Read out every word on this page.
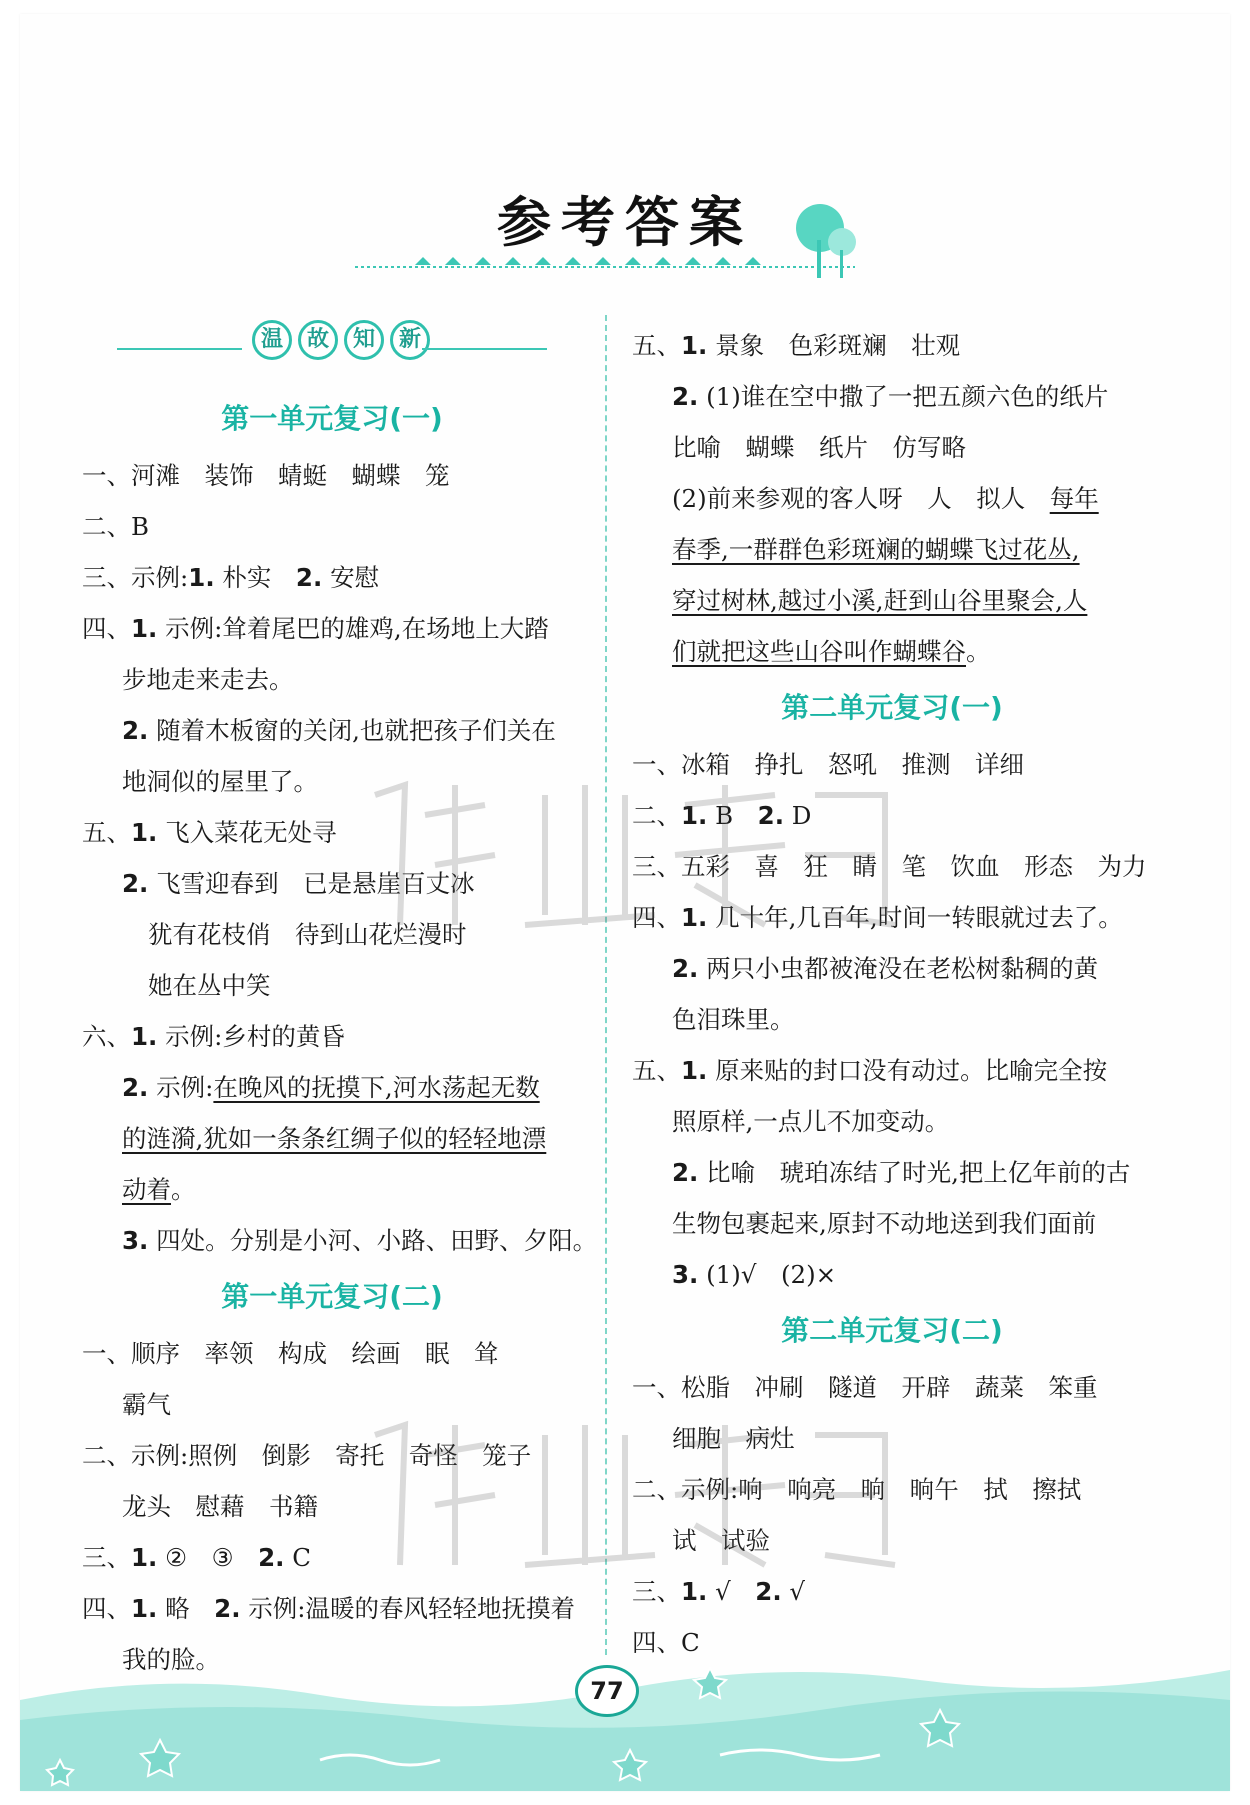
参考答案
温	故	知	新
第一单元复习(一)
一、河滩　装饰　蜻蜓　蝴蝶　笼
二、B
三、示例:1. 朴实　2. 安慰
四、1. 示例:耸着尾巴的雄鸡,在场地上大踏
步地走来走去。
2. 随着木板窗的关闭,也就把孩子们关在
地洞似的屋里了。
五、1. 飞入菜花无处寻
2. 飞雪迎春到　已是悬崖百丈冰
犹有花枝俏　待到山花烂漫时
她在丛中笑
六、1. 示例:乡村的黄昏
2. 示例:在晚风的抚摸下,河水荡起无数
的涟漪,犹如一条条红绸子似的轻轻地漂
动着。
3. 四处。分别是小河、小路、田野、夕阳。
第一单元复习(二)
一、顺序　率领　构成　绘画　眠　耸
霸气
二、示例:照例　倒影　寄托　奇怪　笼子
龙头　慰藉　书籍
三、1. ②　③　2. C
四、1. 略　2. 示例:温暖的春风轻轻地抚摸着
我的脸。
五、1. 景象　色彩斑斓　壮观
2. (1)谁在空中撒了一把五颜六色的纸片
比喻　蝴蝶　纸片　仿写略
(2)前来参观的客人呀　人　拟人　每年
春季,一群群色彩斑斓的蝴蝶飞过花丛,
穿过树林,越过小溪,赶到山谷里聚会,人
们就把这些山谷叫作蝴蝶谷。
第二单元复习(一)
一、冰箱　挣扎　怒吼　推测　详细
二、1. B　2. D
三、五彩　喜　狂　睛　笔　饮血　形态　为力
四、1. 几十年,几百年,时间一转眼就过去了。
2. 两只小虫都被淹没在老松树黏稠的黄
色泪珠里。
五、1. 原来贴的封口没有动过。比喻完全按
照原样,一点儿不加变动。
2. 比喻　琥珀冻结了时光,把上亿年前的古
生物包裹起来,原封不动地送到我们面前
3. (1)√　(2)×
第二单元复习(二)
一、松脂　冲刷　隧道　开辟　蔬菜　笨重
细胞　病灶
二、示例:响　响亮　晌　晌午　拭　擦拭
试　试验
三、1. √　2. √
四、C
77
